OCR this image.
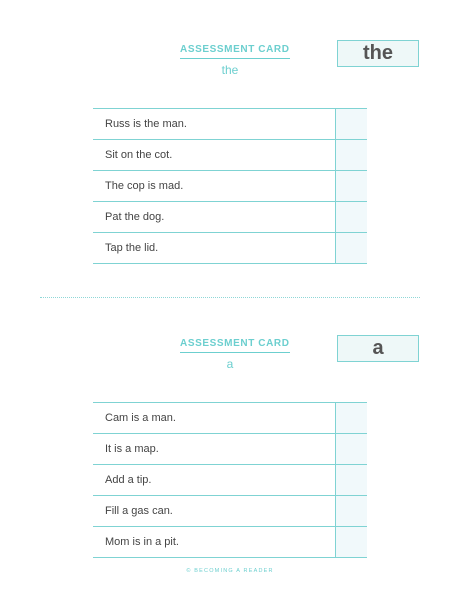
ASSESSMENT CARD
the
the
Russ is the man.
Sit on the cot.
The cop is mad.
Pat the dog.
Tap the lid.
ASSESSMENT CARD
a
a
Cam is a man.
It is a map.
Add a tip.
Fill a gas can.
Mom is in a pit.
© BECOMING A READER
